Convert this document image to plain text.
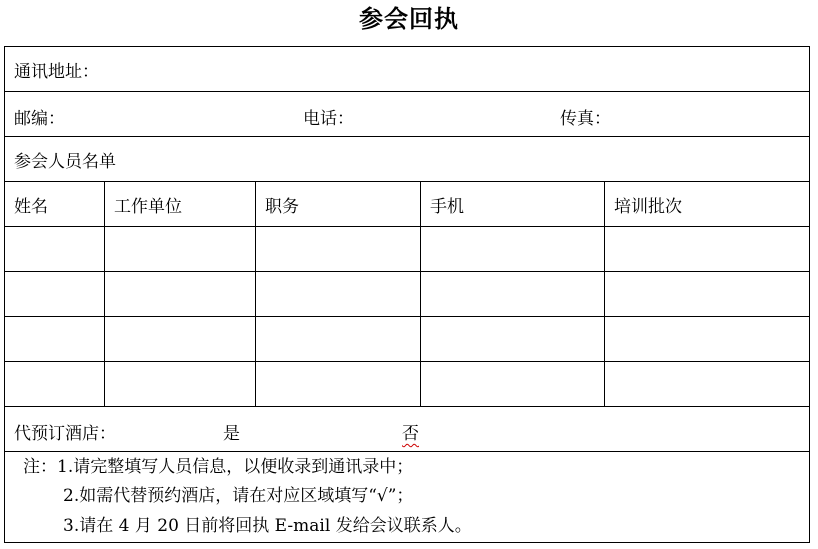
参会回执
通讯地址：				

邮编： 电话： 传真：				

参会人员名单				
姓名	工作单位	职务	手机	培训批次

代预订酒店： 是 否				

注：1.请完整填写人员信息，以便收录到通讯录中；
2.如需代替预约酒店，请在对应区域填写“√”；
3.请在 4 月 20 日前将回执 E-mail 发给会议联系人。				
